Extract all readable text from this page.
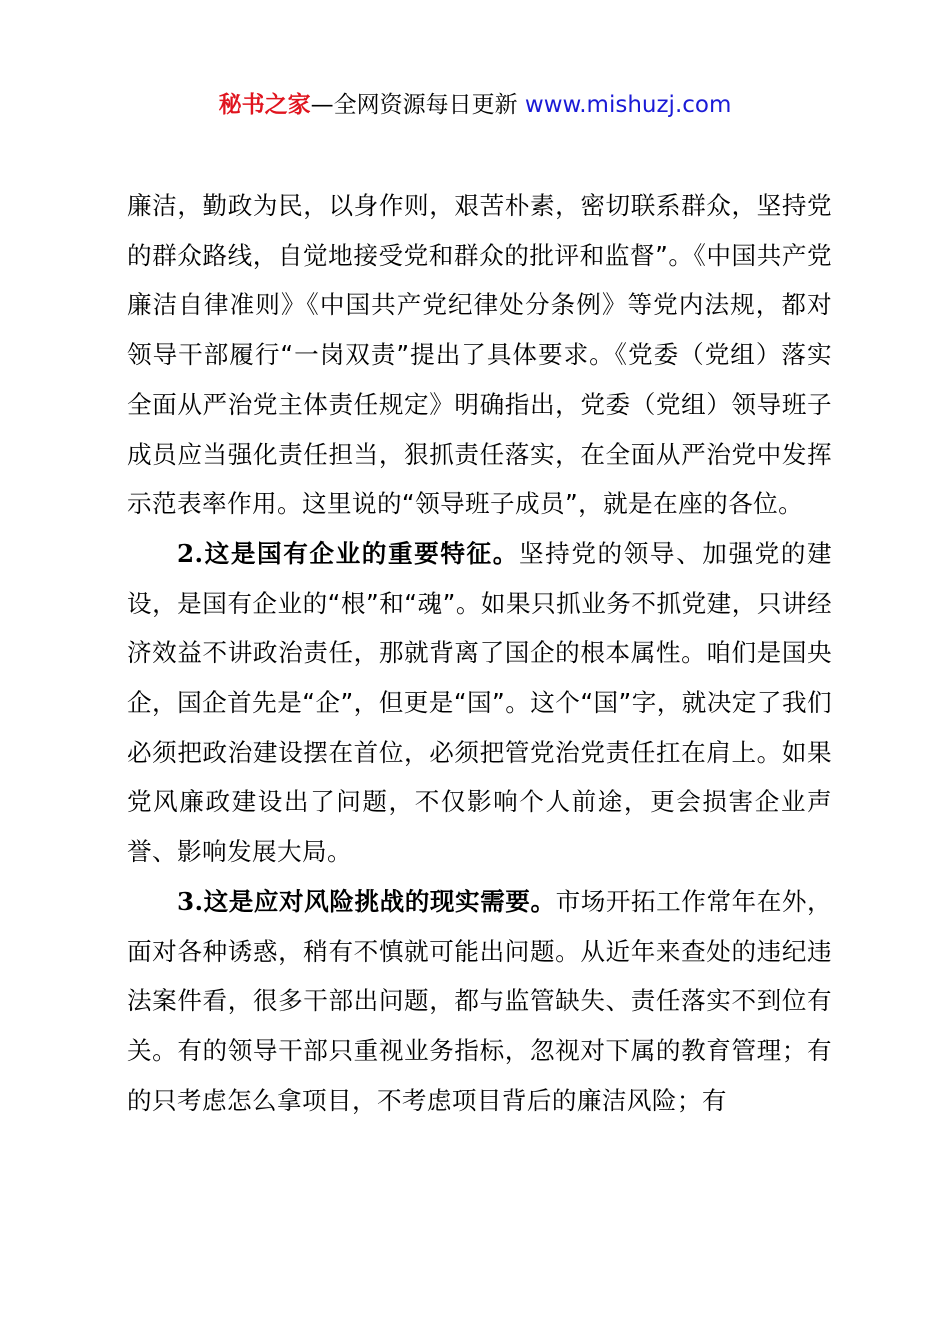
秘书之家—全网资源每日更新 www.mishuzj.com

廉洁，勤政为民，以身作则，艰苦朴素，密切联系群众，坚持党的群众路线，自觉地接受党和群众的批评和监督”。《中国共产党廉洁自律准则》《中国共产党纪律处分条例》等党内法规，都对领导干部履行“一岗双责”提出了具体要求。《党委（党组）落实全面从严治党主体责任规定》明确指出，党委（党组）领导班子成员应当强化责任担当，狠抓责任落实，在全面从严治党中发挥示范表率作用。这里说的“领导班子成员”，就是在座的各位。

2.这是国有企业的重要特征。坚持党的领导、加强党的建设，是国有企业的“根”和“魂”。如果只抓业务不抓党建，只讲经济效益不讲政治责任，那就背离了国企的根本属性。咱们是国央企，国企首先是“企”，但更是“国”。这个“国”字，就决定了我们必须把政治建设摆在首位，必须把管党治党责任扛在肩上。如果党风廉政建设出了问题，不仅影响个人前途，更会损害企业声誉、影响发展大局。

3.这是应对风险挑战的现实需要。市场开拓工作常年在外，面对各种诱惑，稍有不慎就可能出问题。从近年来查处的违纪违法案件看，很多干部出问题，都与监管缺失、责任落实不到位有关。有的领导干部只重视业务指标，忽视对下属的教育管理；有的只考虑怎么拿项目，不考虑项目背后的廉洁风险；有
